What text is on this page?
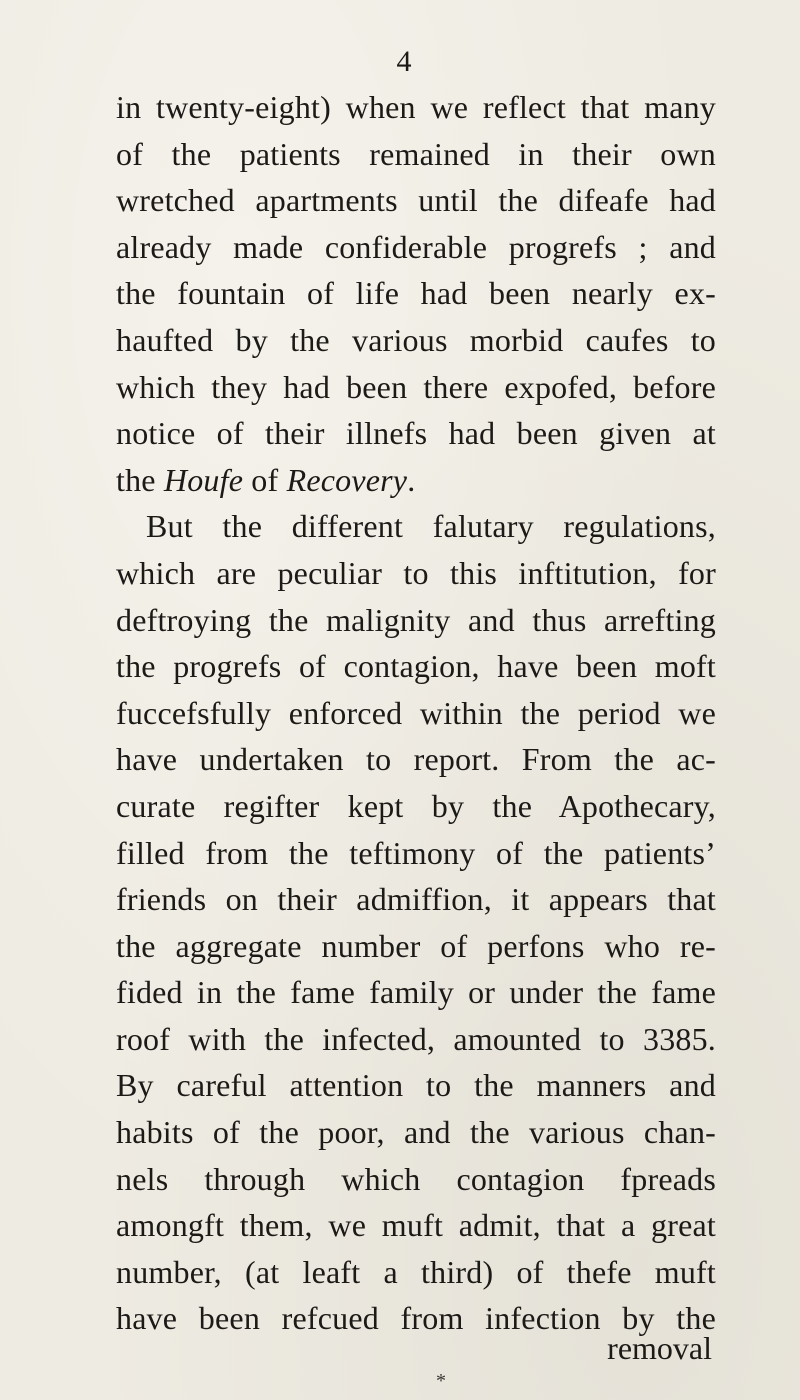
4
in twenty-eight) when we reflect that many
of the patients remained in their own
wretched apartments until the difeafe had
already made confiderable progrefs ; and
the fountain of life had been nearly ex-
haufted by the various morbid caufes to
which they had been there expofed, before
notice of their illnefs had been given at
the Houfe of Recovery.
But the different falutary regulations,
which are peculiar to this inftitution, for
deftroying the malignity and thus arrefting
the progrefs of contagion, have been moft
fuccefsfully enforced within the period we
have undertaken to report. From the ac-
curate regifter kept by the Apothecary,
filled from the teftimony of the patients’
friends on their admiffion, it appears that
the aggregate number of perfons who re-
fided in the fame family or under the fame
roof with the infected, amounted to 3385.
By careful attention to the manners and
habits of the poor, and the various chan-
nels through which contagion fpreads
amongft them, we muft admit, that a great
number, (at leaft a third) of thefe muft
have been refcued from infection by the
removal
*
